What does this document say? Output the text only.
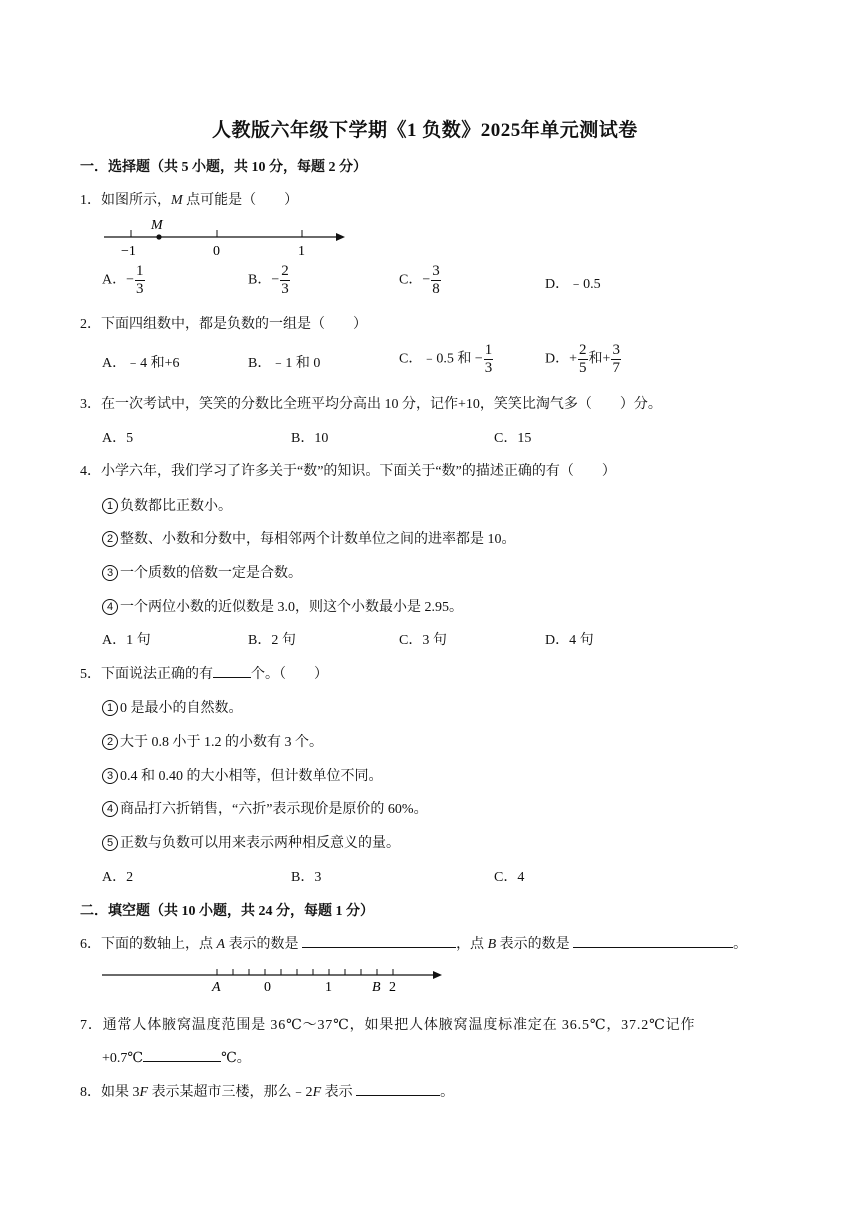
人教版六年级下学期《1 负数》2025年单元测试卷
一．选择题（共 5 小题，共 10 分，每题 2 分）
1．如图所示，M 点可能是（　　）
M
−1	0	1
A．− $\frac{1}{3}$	B．− $\frac{2}{3}$	C．− $\frac{3}{8}$	D．﹣0.5
2．下面四组数中，都是负数的一组是（　　）
A．﹣4 和+6	B．﹣1 和 0	C．﹣0.5 和 − $\frac{1}{3}$	D．+ $\frac{2}{5}$ 和+ $\frac{3}{7}$
3．在一次考试中，笑笑的分数比全班平均分高出 10 分，记作+10，笑笑比淘气多（　　）分。
A．5	B．10	C．15
4．小学六年，我们学习了许多关于“数”的知识。下面关于“数”的描述正确的有（　　）
1 负数都比正数小。
2 整数、小数和分数中，每相邻两个计数单位之间的进率都是 10。
3 一个质数的倍数一定是合数。
4 一个两位小数的近似数是 3.0，则这个小数最小是 2.95。
A．1 句	B．2 句	C．3 句	D．4 句
5．下面说法正确的有	个。（　　）
1 0 是最小的自然数。
2 大于 0.8 小于 1.2 的小数有 3 个。
3 0.4 和 0.40 的大小相等，但计数单位不同。
4 商品打六折销售，“六折”表示现价是原价的 60%。
5 正数与负数可以用来表示两种相反意义的量。
A．2	B．3	C．4
二．填空题（共 10 小题，共 24 分，每题 1 分）
6．下面的数轴上，点 A 表示的数是	，点 B 表示的数是	。
A	0	1	B 2
7．通常人体腋窝温度范围是 36℃～37℃，如果把人体腋窝温度标准定在 36.5℃，37.2℃记作
+0.7℃	℃。
8．如果 3F 表示某超市三楼，那么﹣2F 表示	。
